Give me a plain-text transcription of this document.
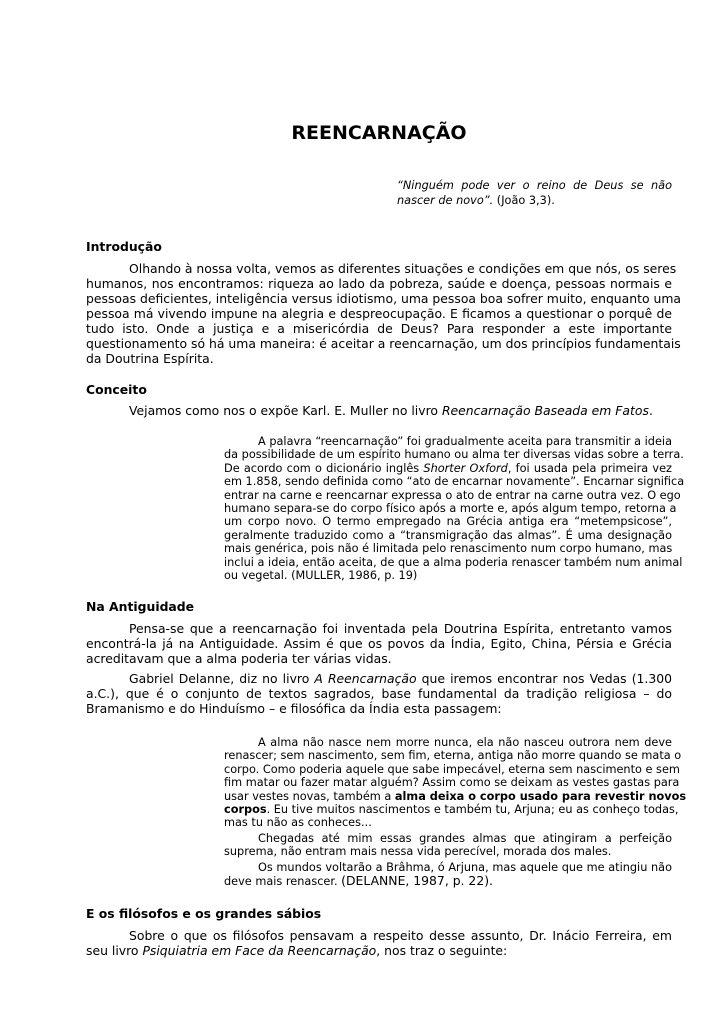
REENCARNAÇÃO
“Ninguém pode ver o reino de Deus se não nascer de novo”. (João 3,3).
Introdução
Olhando à nossa volta, vemos as diferentes situações e condições em que nós, os seres
humanos, nos encontramos: riqueza ao lado da pobreza, saúde e doença, pessoas normais e
pessoas deficientes, inteligência versus idiotismo, uma pessoa boa sofrer muito, enquanto uma
pessoa má vivendo impune na alegria e despreocupação. E ficamos a questionar o porquê de
tudo isto. Onde a justiça e a misericórdia de Deus? Para responder a este importante
questionamento só há uma maneira: é aceitar a reencarnação, um dos princípios fundamentais
da Doutrina Espírita.
Conceito
Vejamos como nos o expõe Karl. E. Muller no livro Reencarnação Baseada em Fatos.
A palavra “reencarnação” foi gradualmente aceita para transmitir a ideia
da possibilidade de um espírito humano ou alma ter diversas vidas sobre a terra.
De acordo com o dicionário inglês Shorter Oxford, foi usada pela primeira vez
em 1.858, sendo definida como “ato de encarnar novamente”. Encarnar significa
entrar na carne e reencarnar expressa o ato de entrar na carne outra vez. O ego
humano separa-se do corpo físico após a morte e, após algum tempo, retorna a
um corpo novo. O termo empregado na Grécia antiga era “metempsicose”,
geralmente traduzido como a “transmigração das almas”. É uma designação
mais genérica, pois não é limitada pelo renascimento num corpo humano, mas
inclui a ideia, então aceita, de que a alma poderia renascer também num animal
ou vegetal. (MULLER, 1986, p. 19)
Na Antiguidade
Pensa-se que a reencarnação foi inventada pela Doutrina Espírita, entretanto vamos
encontrá-la já na Antiguidade. Assim é que os povos da Índia, Egito, China, Pérsia e Grécia
acreditavam que a alma poderia ter várias vidas.
Gabriel Delanne, diz no livro A Reencarnação que iremos encontrar nos Vedas (1.300
a.C.), que é o conjunto de textos sagrados, base fundamental da tradição religiosa – do
Bramanismo e do Hinduísmo – e filosófica da Índia esta passagem:
A alma não nasce nem morre nunca, ela não nasceu outrora nem deve
renascer; sem nascimento, sem fim, eterna, antiga não morre quando se mata o
corpo. Como poderia aquele que sabe impecável, eterna sem nascimento e sem
fim matar ou fazer matar alguém? Assim como se deixam as vestes gastas para
usar vestes novas, também a alma deixa o corpo usado para revestir novos
corpos. Eu tive muitos nascimentos e também tu, Arjuna; eu as conheço todas,
mas tu não as conheces...
Chegadas até mim essas grandes almas que atingiram a perfeição
suprema, não entram mais nessa vida perecível, morada dos males.
Os mundos voltarão a Brâhma, ó Arjuna, mas aquele que me atingiu não
deve mais renascer. (DELANNE, 1987, p. 22).
E os filósofos e os grandes sábios
Sobre o que os filósofos pensavam a respeito desse assunto, Dr. Inácio Ferreira, em
seu livro Psiquiatria em Face da Reencarnação, nos traz o seguinte:
